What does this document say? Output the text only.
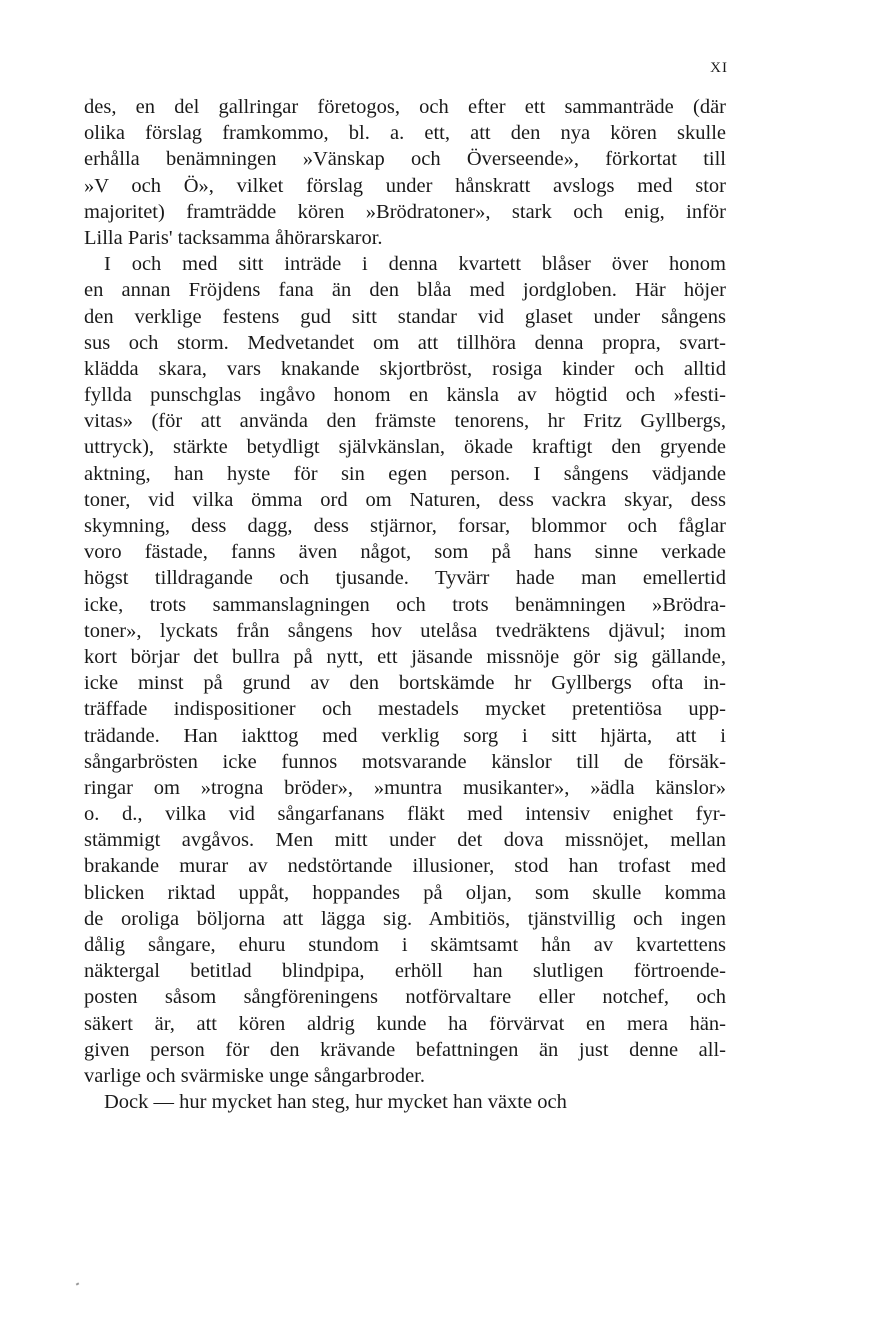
XI
des, en del gallringar företogos, och efter ett sammanträde (där
olika förslag framkommo, bl. a. ett, att den nya kören skulle
erhålla benämningen »Vänskap och Överseende», förkortat till
»V och Ö», vilket förslag under hånskratt avslogs med stor
majoritet) framträdde kören »Brödratoner», stark och enig, inför
Lilla Paris' tacksamma åhörarskaror.
I och med sitt inträde i denna kvartett blåser över honom
en annan Fröjdens fana än den blåa med jordgloben. Här höjer
den verklige festens gud sitt standar vid glaset under sångens
sus och storm. Medvetandet om att tillhöra denna propra, svart-
klädda skara, vars knakande skjortbröst, rosiga kinder och alltid
fyllda punschglas ingåvo honom en känsla av högtid och »festi-
vitas» (för att använda den främste tenorens, hr Fritz Gyllbergs,
uttryck), stärkte betydligt självkänslan, ökade kraftigt den gryende
aktning, han hyste för sin egen person. I sångens vädjande
toner, vid vilka ömma ord om Naturen, dess vackra skyar, dess
skymning, dess dagg, dess stjärnor, forsar, blommor och fåglar
voro fästade, fanns även något, som på hans sinne verkade
högst tilldragande och tjusande. Tyvärr hade man emellertid
icke, trots sammanslagningen och trots benämningen »Brödra-
toner», lyckats från sångens hov utelåsa tvedräktens djävul; inom
kort börjar det bullra på nytt, ett jäsande missnöje gör sig gällande,
icke minst på grund av den bortskämde hr Gyllbergs ofta in-
träffade indispositioner och mestadels mycket pretentiösa upp-
trädande. Han iakttog med verklig sorg i sitt hjärta, att i
sångarbrösten icke funnos motsvarande känslor till de försäk-
ringar om »trogna bröder», »muntra musikanter», »ädla känslor»
o. d., vilka vid sångarfanans fläkt med intensiv enighet fyr-
stämmigt avgåvos. Men mitt under det dova missnöjet, mellan
brakande murar av nedstörtande illusioner, stod han trofast med
blicken riktad uppåt, hoppandes på oljan, som skulle komma
de oroliga böljorna att lägga sig. Ambitiös, tjänstvillig och ingen
dålig sångare, ehuru stundom i skämtsamt hån av kvartettens
näktergal betitlad blindpipa, erhöll han slutligen förtroende-
posten såsom sångföreningens notförvaltare eller notchef, och
säkert är, att kören aldrig kunde ha förvärvat en mera hän-
given person för den krävande befattningen än just denne all-
varlige och svärmiske unge sångarbroder.
Dock — hur mycket han steg, hur mycket han växte och
